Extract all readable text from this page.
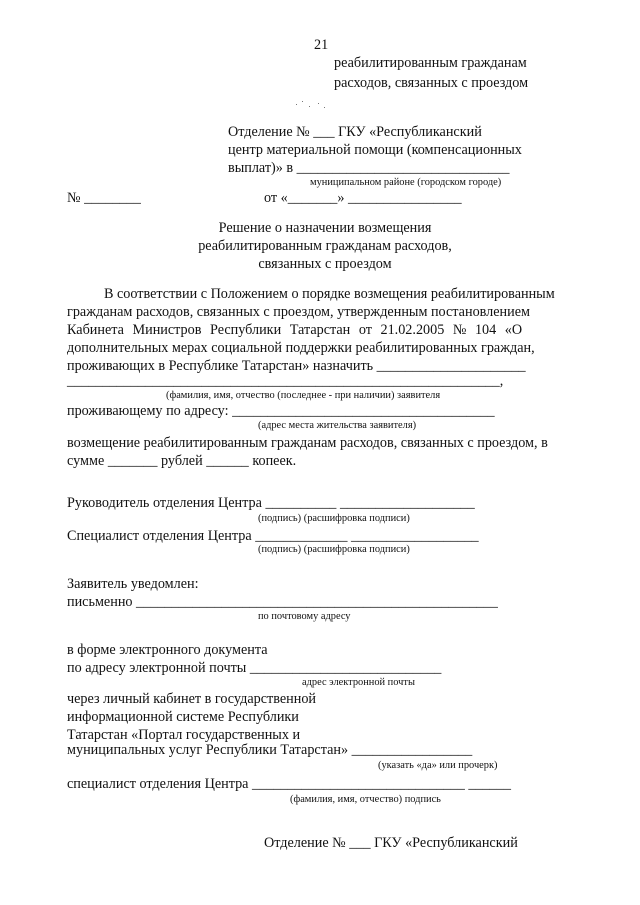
21
реабилитированным гражданам
расходов, связанных с проездом
Отделение № ___ ГКУ «Республиканский
центр материальной помощи (компенсационных
выплат)» в ______________________________
муниципальном районе (городском городе)
№ ________	от «_______» ________________
Решение о назначении возмещения
реабилитированным гражданам расходов,
связанных с проездом
В соответствии с Положением о порядке возмещения реабилитированным
гражданам расходов, связанных с проездом, утвержденным постановлением
Кабинета Министров Республики Татарстан от 21.02.2005 № 104 «О
дополнительных мерах социальной поддержки реабилитированных граждан,
проживающих в Республике Татарстан» назначить _____________________
_____________________________________________________________,
(фамилия, имя, отчество (последнее - при наличии) заявителя
проживающему по адресу: _____________________________________
(адрес места жительства заявителя)
возмещение реабилитированным гражданам расходов, связанных с проездом, в
сумме _______ рублей ______ копеек.
Руководитель отделения Центра __________ ___________________
(подпись) (расшифровка подписи)
Специалист отделения Центра _____________ __________________
(подпись) (расшифровка подписи)
Заявитель уведомлен:
письменно ___________________________________________________
по почтовому адресу
в форме электронного документа
по адресу электронной почты ___________________________
адрес электронной почты
через личный кабинет в государственной
информационной системе Республики
Татарстан «Портал государственных и
муниципальных услуг Республики Татарстан» _________________
(указать «да» или прочерк)
специалист отделения Центра ______________________________ ______
(фамилия, имя, отчество) подпись
Отделение № ___ ГКУ «Республиканский
